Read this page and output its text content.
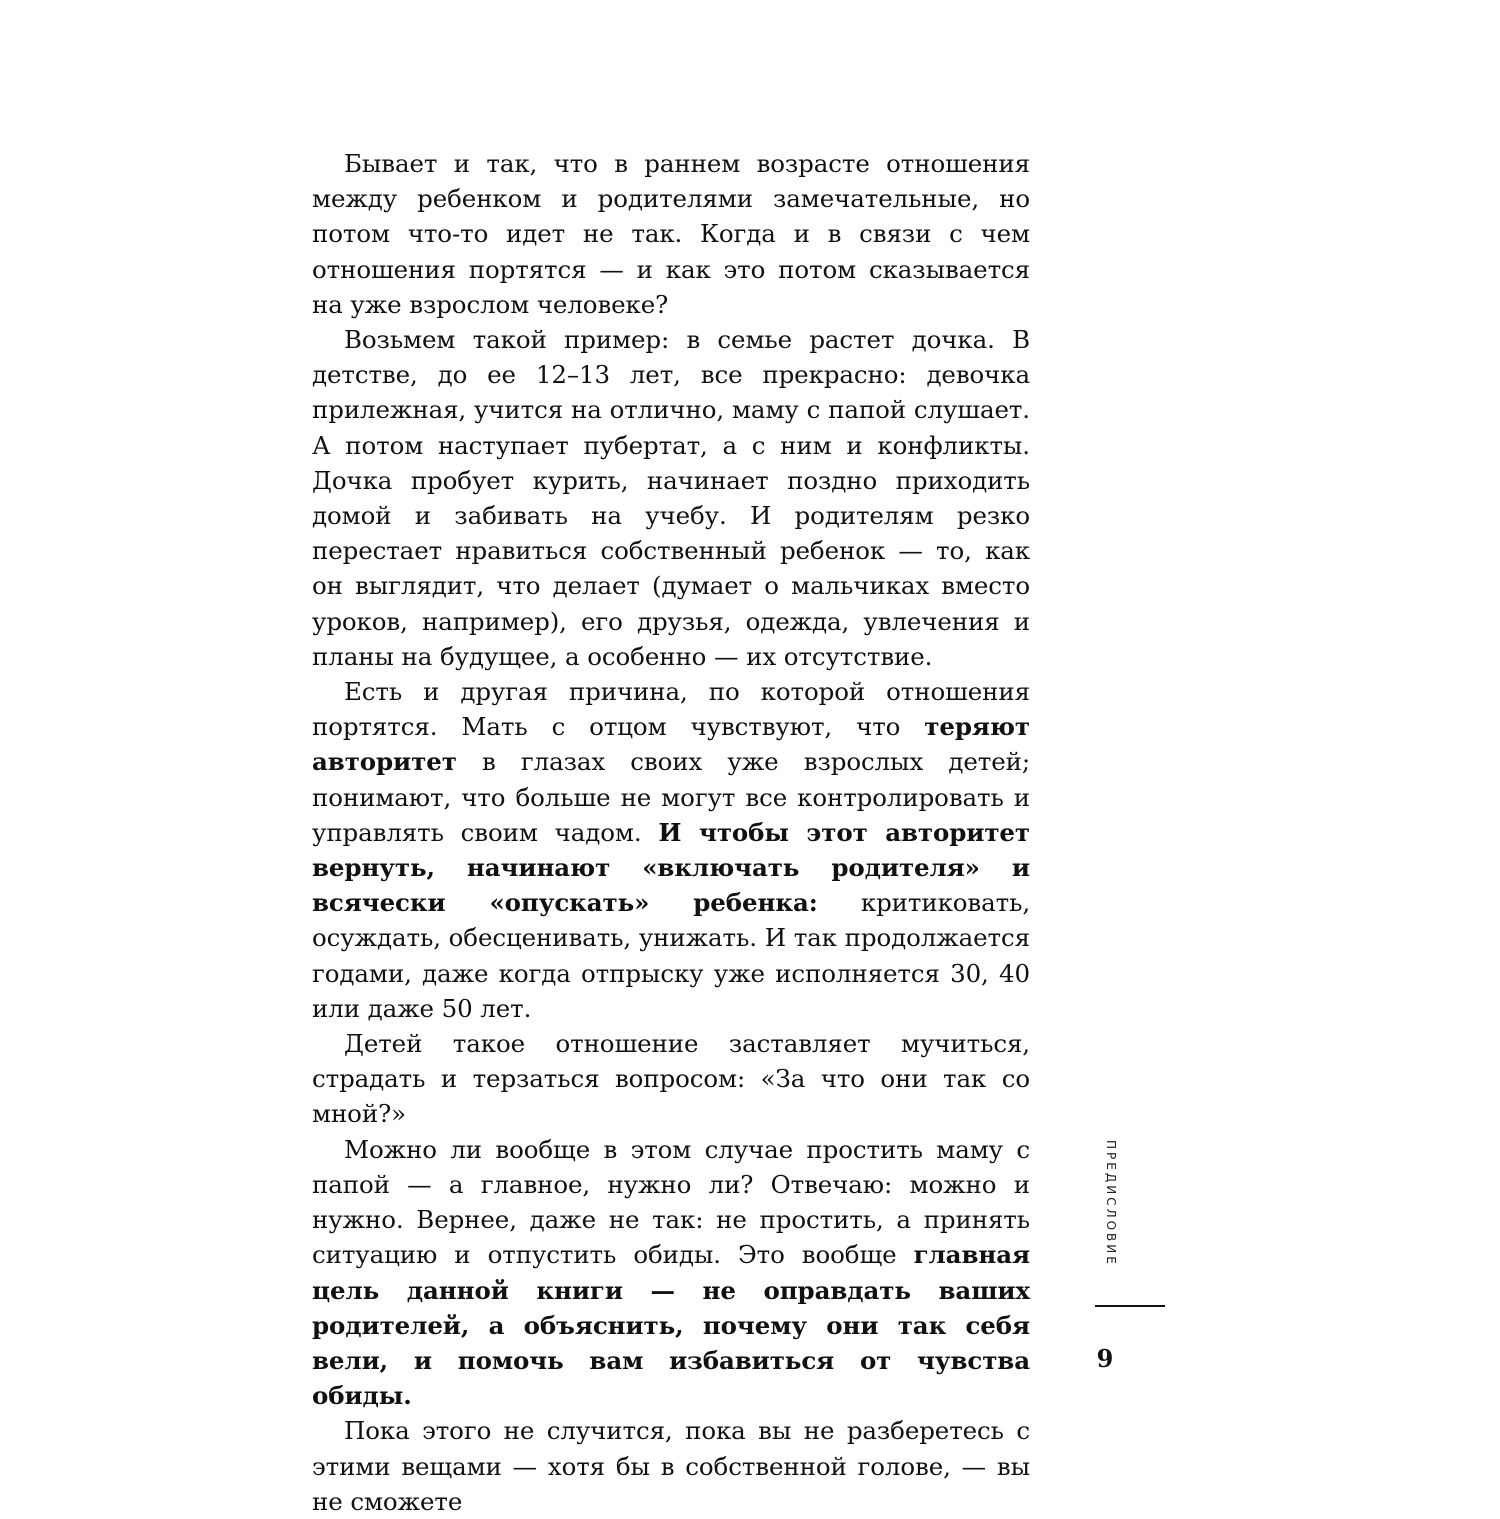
Бывает и так, что в раннем возрасте отношения между ребенком и родителями замечательные, но потом что-то идет не так. Когда и в связи с чем отношения портятся — и как это потом сказывается на уже взрослом человеке?

Возьмем такой пример: в семье растет дочка. В детстве, до ее 12–13 лет, все прекрасно: девочка прилежная, учится на отлично, маму с папой слушает. А потом наступает пубертат, а с ним и конфликты. Дочка пробует курить, начинает поздно приходить домой и забивать на учебу. И родителям резко перестает нравиться собственный ребенок — то, как он выглядит, что делает (думает о мальчиках вместо уроков, например), его друзья, одежда, увлечения и планы на будущее, а особенно — их отсутствие.

Есть и другая причина, по которой отношения портятся. Мать с отцом чувствуют, что теряют авторитет в глазах своих уже взрослых детей; понимают, что больше не могут все контролировать и управлять своим чадом. И чтобы этот авторитет вернуть, начинают «включать родителя» и всячески «опускать» ребенка: критиковать, осуждать, обесценивать, унижать. И так продолжается годами, даже когда отпрыску уже исполняется 30, 40 или даже 50 лет.

Детей такое отношение заставляет мучиться, страдать и терзаться вопросом: «За что они так со мной?»

Можно ли вообще в этом случае простить маму с папой — а главное, нужно ли? Отвечаю: можно и нужно. Вернее, даже не так: не простить, а принять ситуацию и отпустить обиды. Это вообще главная цель данной книги — не оправдать ваших родителей, а объяснить, почему они так себя вели, и помочь вам избавиться от чувства обиды.

Пока этого не случится, пока вы не разберетесь с этими вещами — хотя бы в собственной голове, — вы не сможете

ПРЕДИСЛОВИЕ
9
